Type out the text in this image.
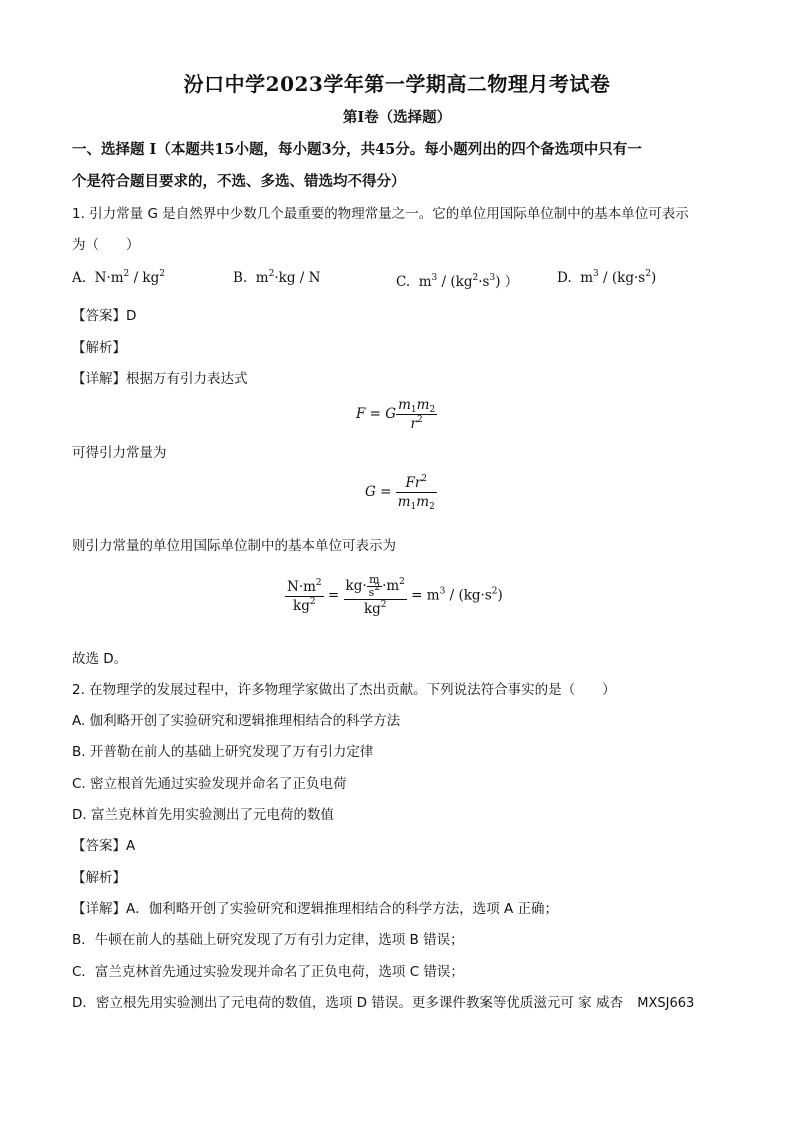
汾口中学2023学年第一学期高二物理月考试卷
第I卷（选择题）
一、选择题 I（本题共15小题，每小题3分，共45分。每小题列出的四个备选项中只有一
个是符合题目要求的，不选、多选、错选均不得分）
1. 引力常量 G 是自然界中少数几个最重要的物理常量之一。它的单位用国际单位制中的基本单位可表示
为（　　）
A.  $N\cdot m^2 / kg^2$	B.  $m^2\cdot kg / N$	C.  $m^3 / (kg^2\cdot s^3)$ ）	D.  $m^3 / (kg\cdot s^2)$
【答案】D
【解析】
【详解】根据万有引力表达式
F = G $\frac{m_1m_2}{r^2}$
可得引力常量为
$G = \frac{Fr^2}{m_1m_2}$
则引力常量的单位用国际单位制中的基本单位可表示为
$\frac{N\cdot m^2}{kg^2} = \frac{kg\cdot \frac{m}{s^2} \cdot m^2}{kg^2} = m^3 / (kg\cdot s^2)$
故选 D。
2. 在物理学的发展过程中，许多物理学家做出了杰出贡献。下列说法符合事实的是（　　）
A. 伽利略开创了实验研究和逻辑推理相结合的科学方法
B. 开普勒在前人的基础上研究发现了万有引力定律
C. 密立根首先通过实验发现并命名了正负电荷
D. 富兰克林首先用实验测出了元电荷的数值
【答案】A
【解析】
【详解】A．伽利略开创了实验研究和逻辑推理相结合的科学方法，选项 A 正确；
B．牛顿在前人的基础上研究发现了万有引力定律，选项 B 错误；
C．富兰克林首先通过实验发现并命名了正负电荷，选项 C 错误；
D．密立根先用实验测出了元电荷的数值，选项 D 错误。更多课件教案等优质滋元可 家 威杏 MXSJ663
